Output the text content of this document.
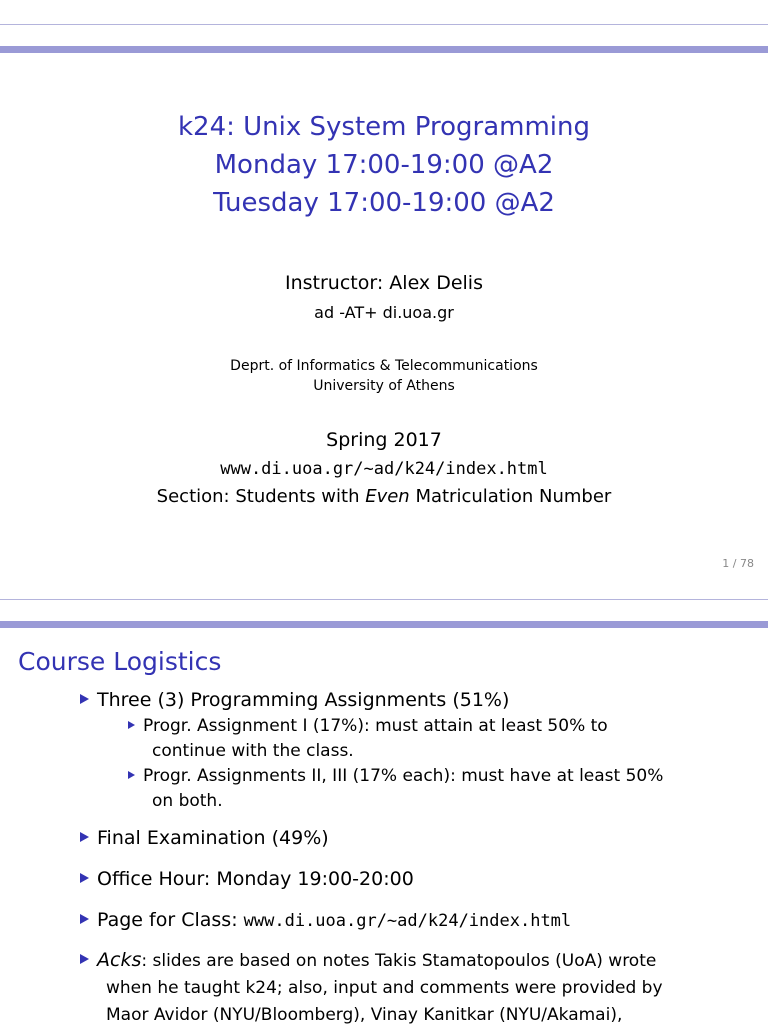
k24: Unix System Programming
Monday 17:00-19:00 @A2
Tuesday 17:00-19:00 @A2
Instructor: Alex Delis
ad -AT+ di.uoa.gr
Deprt. of Informatics & Telecommunications
University of Athens
Spring 2017
www.di.uoa.gr/~ad/k24/index.html
Section: Students with Even Matriculation Number
1 / 78
Course Logistics
Three (3) Programming Assignments (51%)
Progr. Assignment I (17%): must attain at least 50% to
continue with the class.
Progr. Assignments II, III (17% each): must have at least 50%
on both.
Final Examination (49%)
Office Hour: Monday 19:00-20:00
Page for Class: www.di.uoa.gr/~ad/k24/index.html
Acks: slides are based on notes Takis Stamatopoulos (UoA) wrote
when he taught k24; also, input and comments were provided by
Maor Avidor (NYU/Bloomberg), Vinay Kanitkar (NYU/Akamai),
